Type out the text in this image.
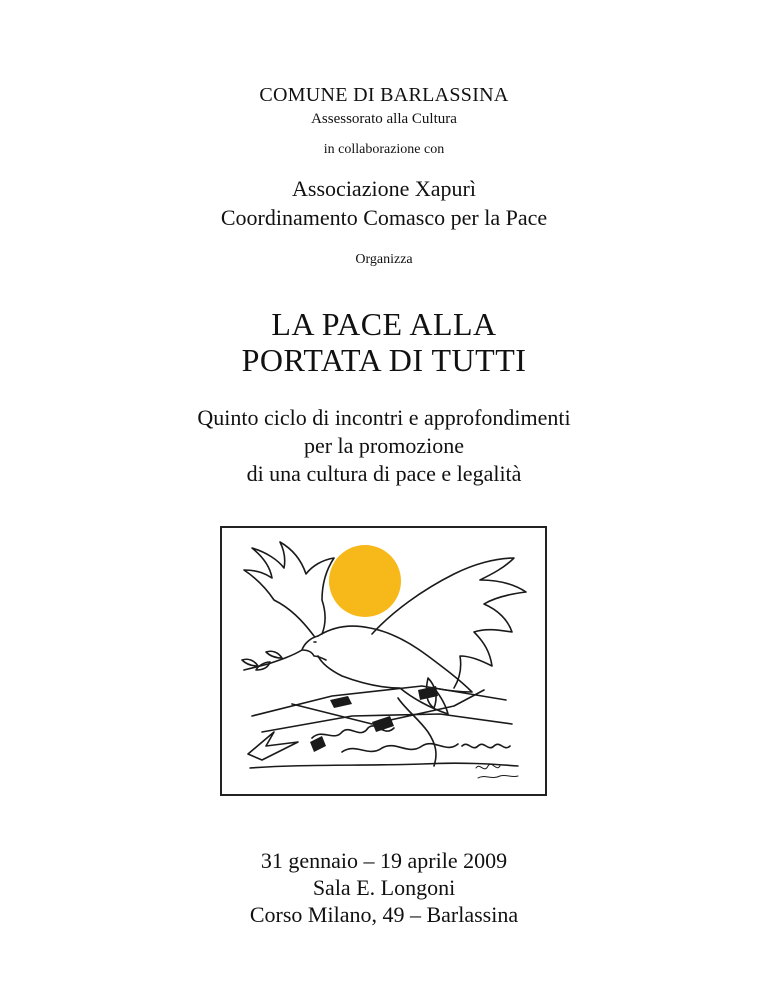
COMUNE DI BARLASSINA
Assessorato alla Cultura
in collaborazione con
Associazione Xapurì
Coordinamento Comasco per la Pace
Organizza
LA PACE ALLA
PORTATA DI TUTTI
Quinto ciclo di incontri e approfondimenti
per la promozione
di una cultura di pace e legalità
31 gennaio – 19 aprile 2009
Sala E. Longoni
Corso Milano, 49 – Barlassina
